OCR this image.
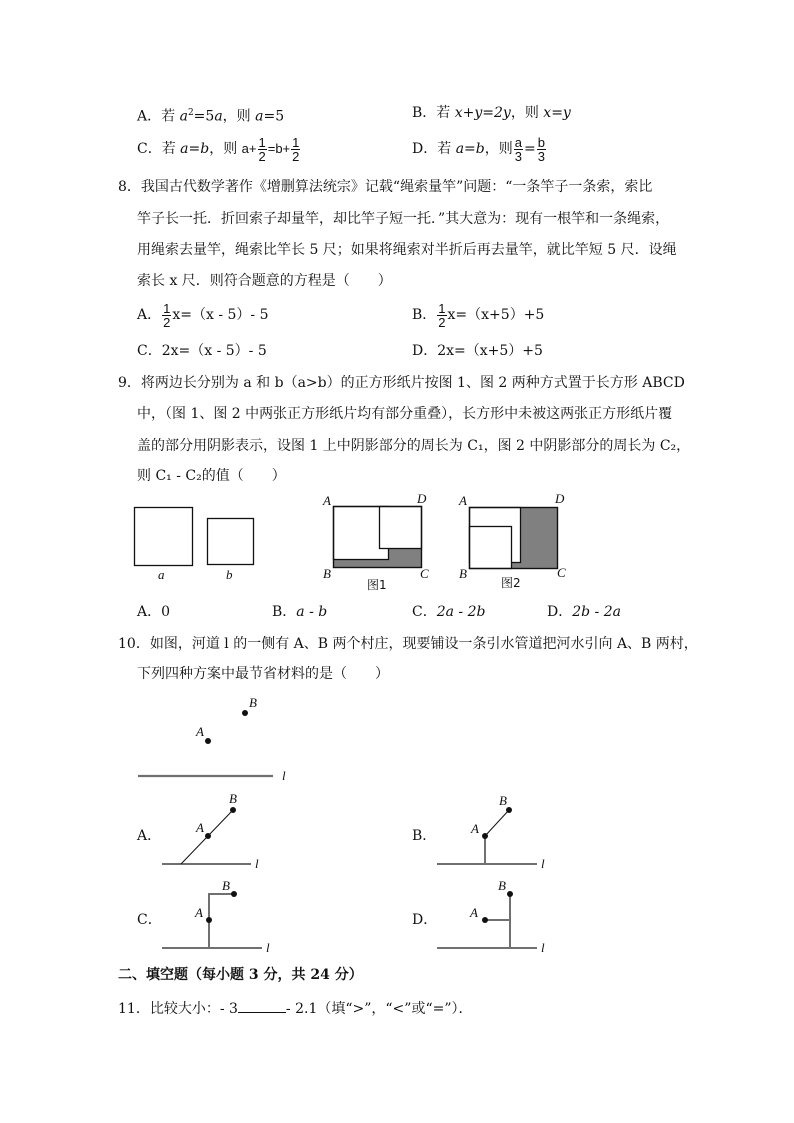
A．若 $a^2=5a$，则 a=5	B．若 x+y=2y，则 x=y
C．若 a=b，则 $a+ \frac{1}{2} =b+ \frac{1}{2}$	D．若 a=b，则 $\frac{a}{3} = \frac{b}{3}$
8．我国古代数学著作《增删算法统宗》记载“绳索量竿”问题：“一条竿子一条索，索比
竿子长一托．折回索子却量竿，却比竿子短一托．”其大意为：现有一根竿和一条绳索，
用绳索去量竿，绳索比竿长 5 尺；如果将绳索对半折后再去量竿，就比竿短 5 尺．设绳
索长 x 尺．则符合题意的方程是（　　）
A． $\frac{1}{2} x=(x - 5)-$ 5	B． $\frac{1}{2} x=(x+5)+5$
C．2x=（x - 5）- 5	D．2x=（x+5）+5
9．将两边长分别为 a 和 b（a>b）的正方形纸片按图 1、图 2 两种方式置于长方形 ABCD
中，（图 1、图 2 中两张正方形纸片均有部分重叠），长方形中未被这两张正方形纸片覆
盖的部分用阴影表示，设图 1 上中阴影部分的周长为 C₁，图 2 中阴影部分的周长为 C₂，
则 C₁ - C₂的值（　　）
a	b
A	D
B	C
图1
A	D
B	C
图2
l
A
B
A
B
l
A
B
l
A
B
l
A
B
l
A．0	B．a - b	C．2a - 2b	D．2b - 2a
10．如图，河道 l 的一侧有 A、B 两个村庄，现要铺设一条引水管道把河水引向 A、B 两村，
下列四种方案中最节省材料的是（　　）
A．	B．
C．	D．
二、填空题（每小题 3 分，共 24 分）
11．比较大小：- 3	- 2.1（填“>”，“<”或“=”）．
